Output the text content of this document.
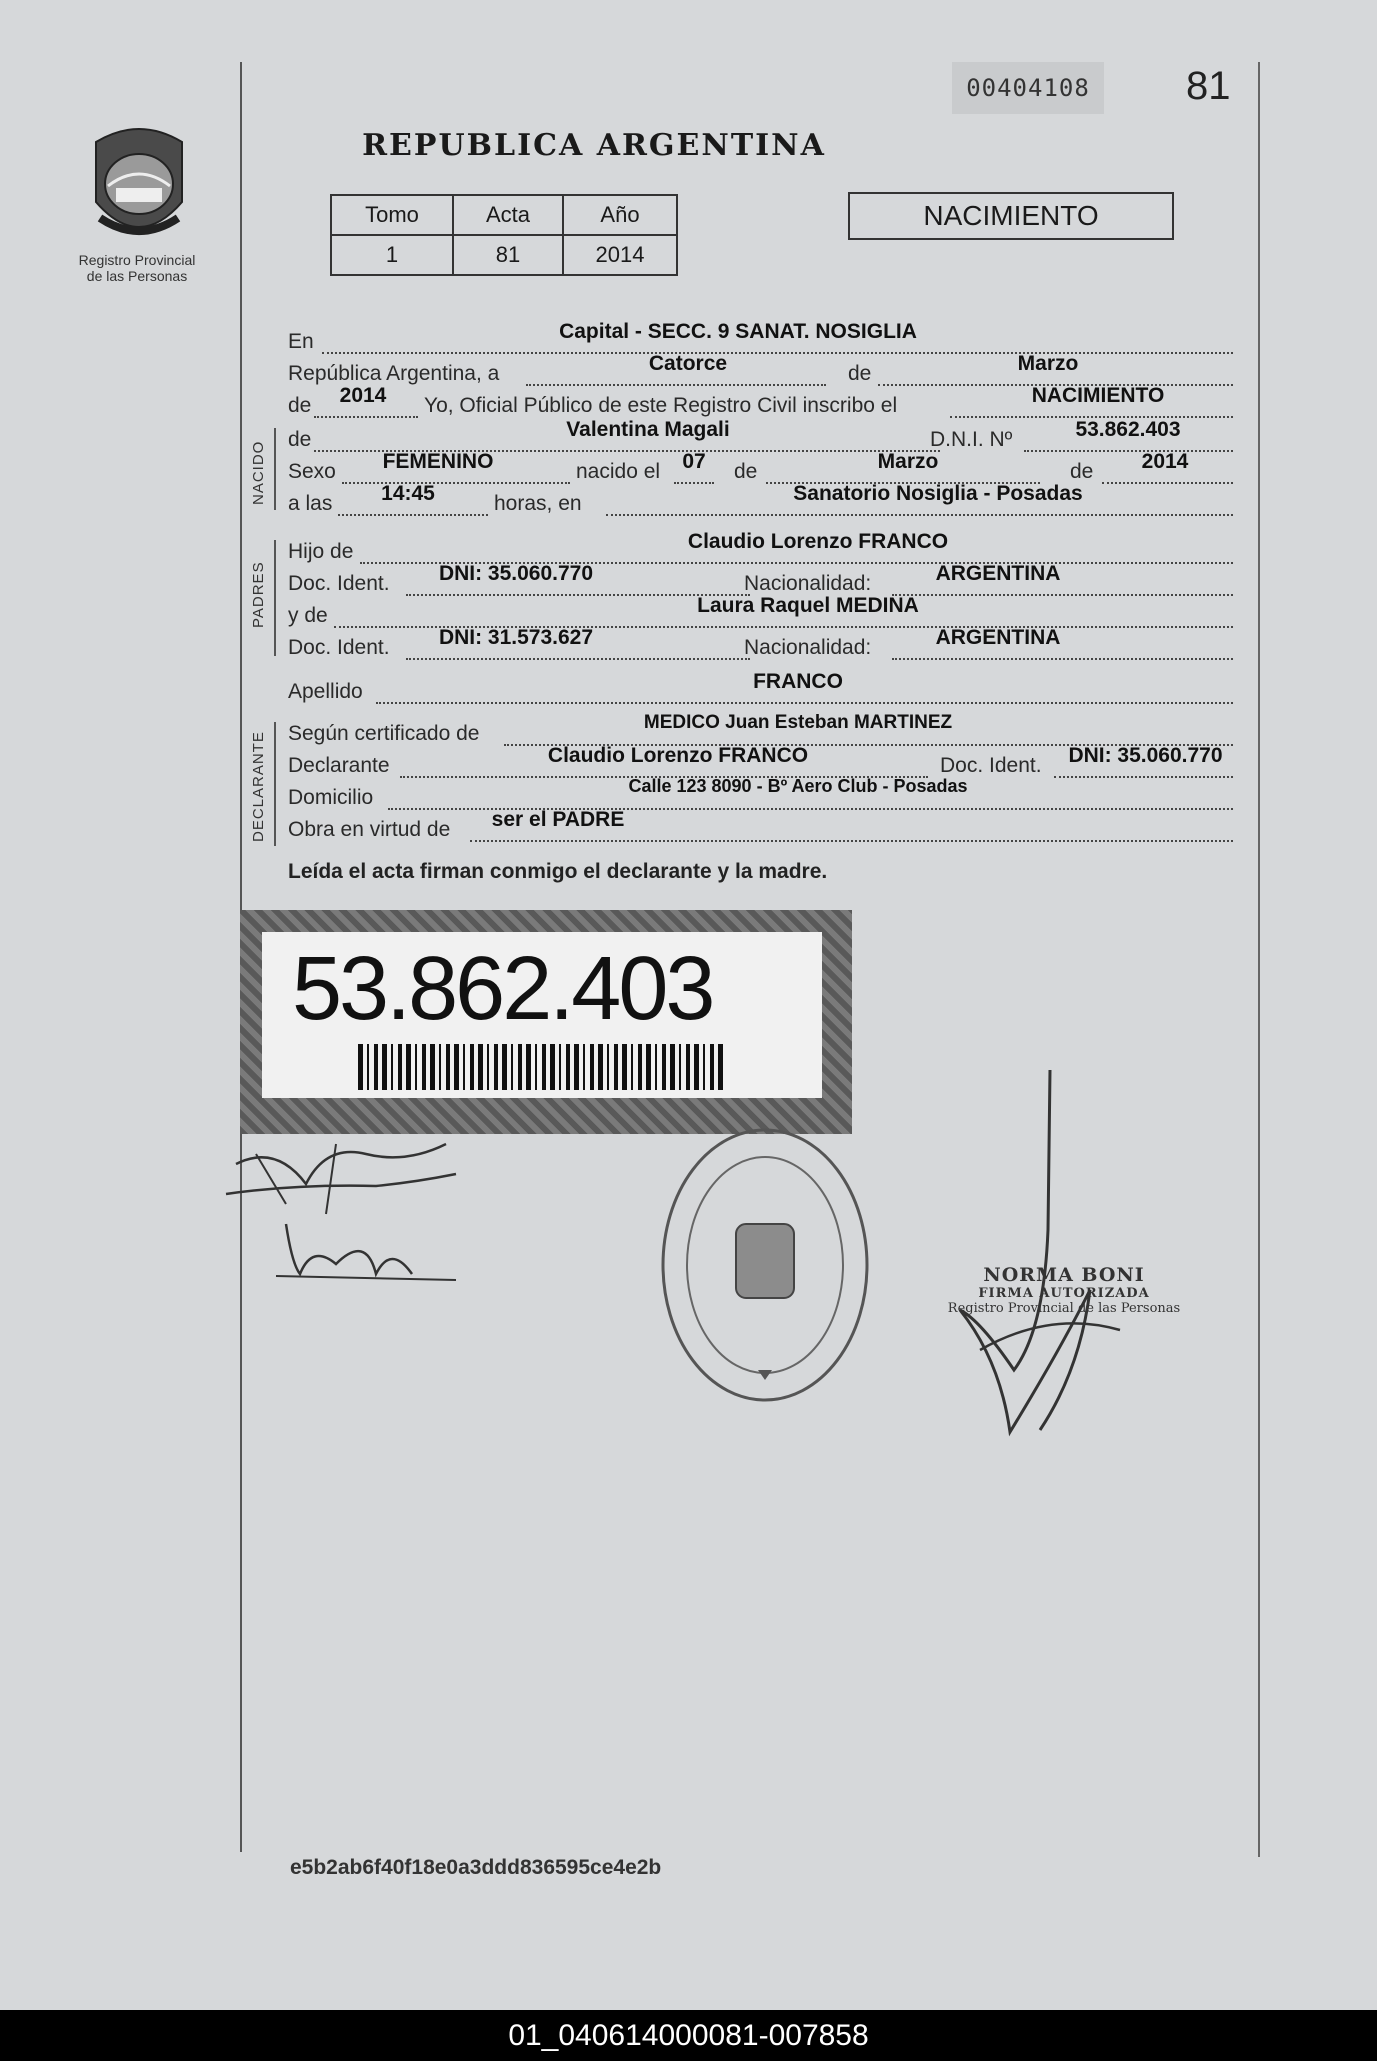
00404108	81
Registro Provincial
de las Personas
REPUBLICA ARGENTINA
Tomo	Acta	Año
1	81	2014
NACIMIENTO
En	Capital - SECC. 9 SANAT. NOSIGLIA
República Argentina, a	Catorce	de	Marzo
de	2014	Yo, Oficial Público de este Registro Civil inscribo el	NACIMIENTO
NACIDO
de	Valentina Magali	D.N.I. Nº	53.862.403
Sexo	FEMENINO	nacido el	07	de	Marzo	de	2014
a las	14:45	horas, en	Sanatorio Nosiglia - Posadas
PADRES
Hijo de	Claudio Lorenzo FRANCO
Doc. Ident.	DNI: 35.060.770	Nacionalidad:	ARGENTINA
y de	Laura Raquel MEDINA
Doc. Ident.	DNI: 31.573.627	Nacionalidad:	ARGENTINA
Apellido	FRANCO
DECLARANTE Según certificado de	MEDICO Juan Esteban MARTINEZ
Declarante	Claudio Lorenzo FRANCO	Doc. Ident.	DNI: 35.060.770
Domicilio	Calle 123 8090 - Bº Aero Club - Posadas
Obra en virtud de	ser el PADRE
Leída el acta firman conmigo el declarante y la madre.
53.862.403
NORMA BONI
FIRMA AUTORIZADA
Registro Provincial de las Personas
e5b2ab6f40f18e0a3ddd836595ce4e2b
01_040614000081-007858
